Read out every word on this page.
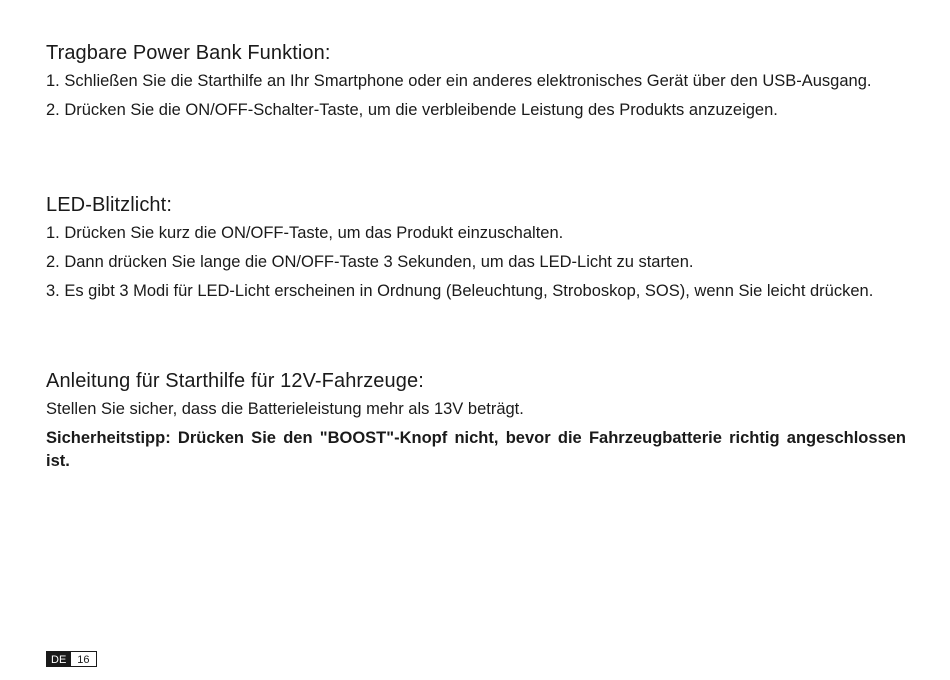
Tragbare Power Bank Funktion:

1. Schließen Sie die Starthilfe an Ihr Smartphone oder ein anderes elektronisches Gerät über den USB-Ausgang.

2. Drücken Sie die ON/OFF-Schalter-Taste, um die verbleibende Leistung des Produkts anzuzeigen.

LED-Blitzlicht:

1. Drücken Sie kurz die ON/OFF-Taste, um das Produkt einzuschalten.

2. Dann drücken Sie lange die ON/OFF-Taste 3 Sekunden, um das LED-Licht zu starten.

3. Es gibt 3 Modi für LED-Licht erscheinen in Ordnung (Beleuchtung, Stroboskop, SOS), wenn Sie leicht drücken.

Anleitung für Starthilfe für 12V-Fahrzeuge:

Stellen Sie sicher, dass die Batterieleistung mehr als 13V beträgt.

Sicherheitstipp: Drücken Sie den "BOOST"-Knopf nicht, bevor die Fahrzeugbatterie richtig angeschlossen ist.

DE	16
